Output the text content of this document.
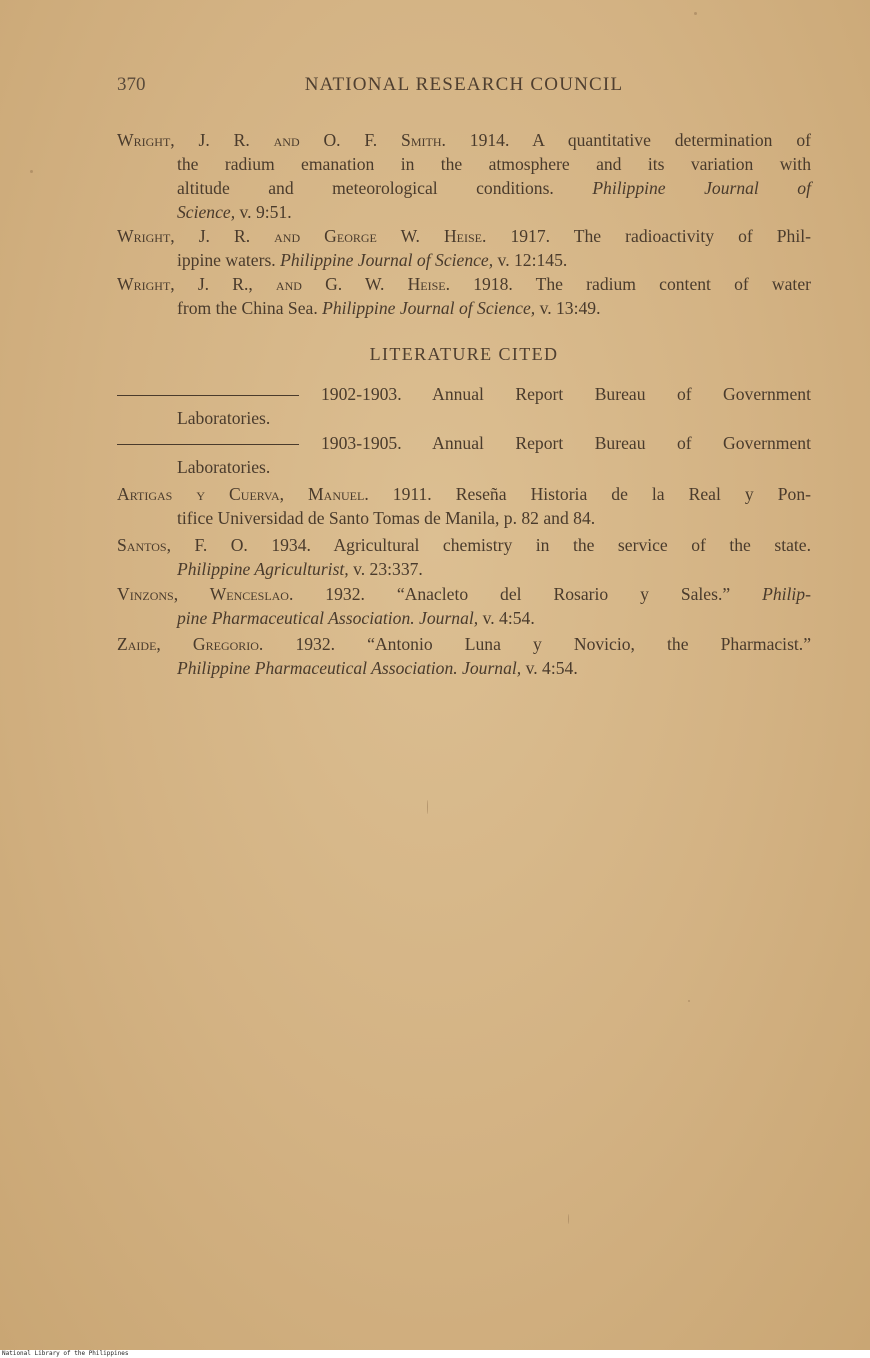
370	NATIONAL RESEARCH COUNCIL
Wright, J. R. and O. F. Smith. 1914. A quantitative determination of
the radium emanation in the atmosphere and its variation with
altitude and meteorological conditions. Philippine Journal of
Science, v. 9:51.
Wright, J. R. and George W. Heise. 1917. The radioactivity of Phil-
ippine waters. Philippine Journal of Science, v. 12:145.
Wright, J. R., and G. W. Heise. 1918. The radium content of water
from the China Sea. Philippine Journal of Science, v. 13:49.
LITERATURE CITED
1902-1903. Annual Report Bureau of Government
Laboratories.
1903-1905. Annual Report Bureau of Government
Laboratories.
Artigas y Cuerva, Manuel. 1911. Reseña Historia de la Real y Pon-
tifice Universidad de Santo Tomas de Manila, p. 82 and 84.
Santos, F. O. 1934. Agricultural chemistry in the service of the state.
Philippine Agriculturist, v. 23:337.
Vinzons, Wenceslao. 1932. “Anacleto del Rosario y Sales.” Philip-
pine Pharmaceutical Association. Journal, v. 4:54.
Zaide, Gregorio. 1932. “Antonio Luna y Novicio, the Pharmacist.”
Philippine Pharmaceutical Association. Journal, v. 4:54.
National Library of the Philippines
